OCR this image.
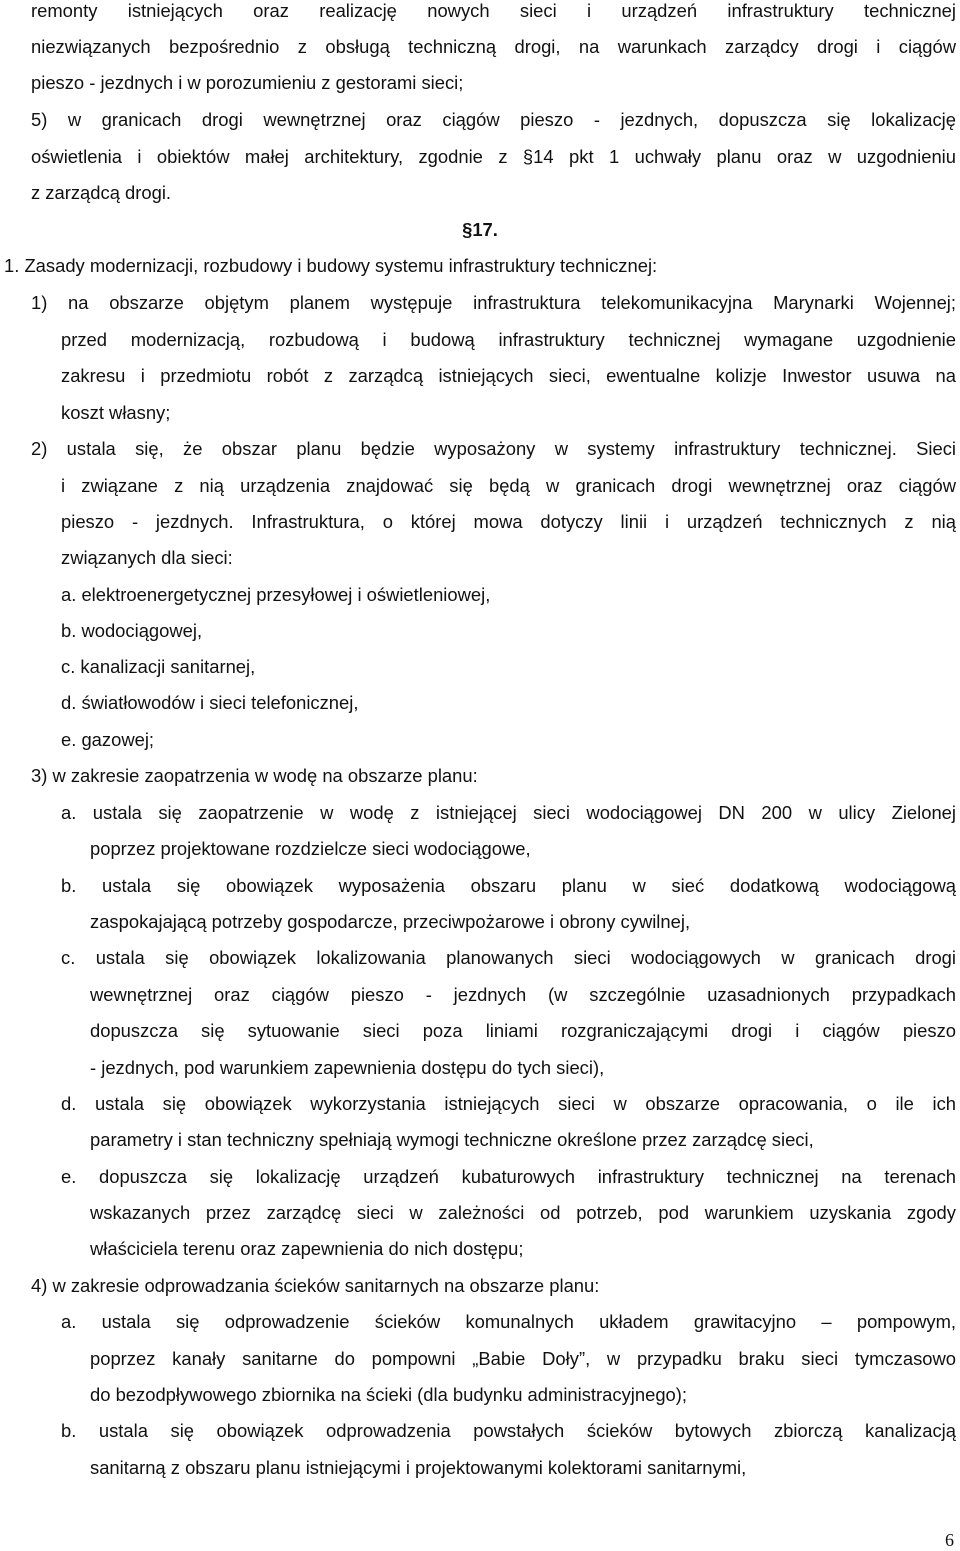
remonty istniejących oraz realizację nowych sieci i urządzeń infrastruktury technicznej
niezwiązanych bezpośrednio z obsługą techniczną drogi, na warunkach zarządcy drogi i ciągów
pieszo - jezdnych i w porozumieniu z gestorami sieci;
5) w granicach drogi wewnętrznej oraz ciągów pieszo - jezdnych, dopuszcza się lokalizację
oświetlenia i obiektów małej architektury, zgodnie z §14 pkt 1 uchwały planu oraz w uzgodnieniu
z zarządcą drogi.
§17.
1. Zasady modernizacji, rozbudowy i budowy systemu infrastruktury technicznej:
1) na obszarze objętym planem występuje infrastruktura telekomunikacyjna Marynarki Wojennej;
przed modernizacją, rozbudową i budową infrastruktury technicznej wymagane uzgodnienie
zakresu i przedmiotu robót z zarządcą istniejących sieci, ewentualne kolizje Inwestor usuwa na
koszt własny;
2) ustala się, że obszar planu będzie wyposażony w systemy infrastruktury technicznej. Sieci
i związane z nią urządzenia znajdować się będą w granicach drogi wewnętrznej oraz ciągów
pieszo - jezdnych. Infrastruktura, o której mowa dotyczy linii i urządzeń technicznych z nią
związanych dla sieci:
a. elektroenergetycznej przesyłowej i oświetleniowej,
b. wodociągowej,
c. kanalizacji sanitarnej,
d. światłowodów i sieci telefonicznej,
e. gazowej;
3) w zakresie zaopatrzenia w wodę na obszarze planu:
a. ustala się zaopatrzenie w wodę z istniejącej sieci wodociągowej DN 200 w ulicy Zielonej
poprzez projektowane rozdzielcze sieci wodociągowe,
b. ustala się obowiązek wyposażenia obszaru planu w sieć dodatkową wodociągową
zaspokajającą potrzeby gospodarcze, przeciwpożarowe i obrony cywilnej,
c. ustala się obowiązek lokalizowania planowanych sieci wodociągowych w granicach drogi
wewnętrznej oraz ciągów pieszo - jezdnych (w szczególnie uzasadnionych przypadkach
dopuszcza się sytuowanie sieci poza liniami rozgraniczającymi drogi i ciągów pieszo
- jezdnych, pod warunkiem zapewnienia dostępu do tych sieci),
d. ustala się obowiązek wykorzystania istniejących sieci w obszarze opracowania, o ile ich
parametry i stan techniczny spełniają wymogi techniczne określone przez zarządcę sieci,
e. dopuszcza się lokalizację urządzeń kubaturowych infrastruktury technicznej na terenach
wskazanych przez zarządcę sieci w zależności od potrzeb, pod warunkiem uzyskania zgody
właściciela terenu oraz zapewnienia do nich dostępu;
4) w zakresie odprowadzania ścieków sanitarnych na obszarze planu:
a. ustala się odprowadzenie ścieków komunalnych układem grawitacyjno – pompowym,
poprzez kanały sanitarne do pompowni „Babie Doły”, w przypadku braku sieci tymczasowo
do bezodpływowego zbiornika na ścieki (dla budynku administracyjnego);
b. ustala się obowiązek odprowadzenia powstałych ścieków bytowych zbiorczą kanalizacją
sanitarną z obszaru planu istniejącymi i projektowanymi kolektorami sanitarnymi,
6
